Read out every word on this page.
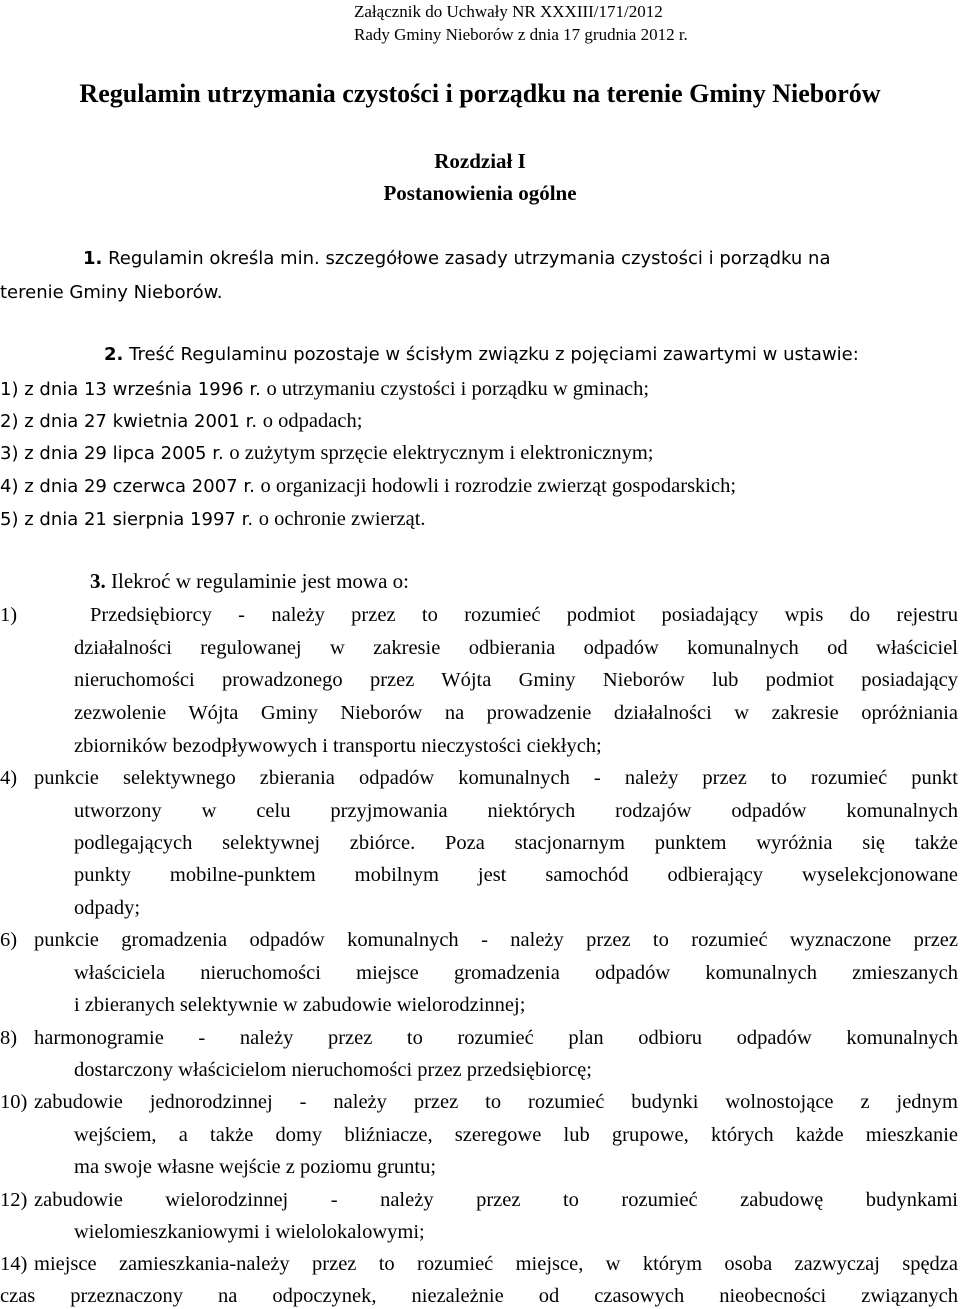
Załącznik do Uchwały NR XXXIII/171/2012
Rady Gminy Nieborów z dnia 17 grudnia 2012 r.
Regulamin utrzymania czystości i porządku na terenie Gminy Nieborów
Rozdział I
Postanowienia ogólne
1. Regulamin określa min. szczegółowe zasady utrzymania czystości i porządku na
terenie Gminy Nieborów.
2. Treść Regulaminu pozostaje w ścisłym związku z pojęciami zawartymi w ustawie:
1) z dnia 13 września 1996 r. o utrzymaniu czystości i porządku w gminach;
2) z dnia 27 kwietnia 2001 r. o odpadach;
3) z dnia 29 lipca 2005 r. o zużytym sprzęcie elektrycznym i elektronicznym;
4) z dnia 29 czerwca 2007 r. o organizacji hodowli i rozrodzie zwierząt gospodarskich;
5) z dnia 21 sierpnia 1997 r. o ochronie zwierząt.
3. Ilekroć w regulaminie jest mowa o:
1)	Przedsiębiorcy - należy przez to rozumieć podmiot posiadający wpis do rejestru
działalności regulowanej w zakresie odbierania odpadów komunalnych od właściciel
nieruchomości prowadzonego przez Wójta Gminy Nieborów lub podmiot posiadający
zezwolenie Wójta Gminy Nieborów na prowadzenie działalności w zakresie opróżniania
zbiorników bezodpływowych i transportu nieczystości ciekłych;
4) punkcie selektywnego zbierania odpadów komunalnych - należy przez to rozumieć punkt
utworzony w celu przyjmowania niektórych rodzajów odpadów komunalnych
podlegających selektywnej zbiórce. Poza stacjonarnym punktem wyróżnia się także
punkty mobilne-punktem mobilnym jest samochód odbierający wyselekcjonowane
odpady;
6) punkcie gromadzenia odpadów komunalnych - należy przez to rozumieć wyznaczone przez
właściciela nieruchomości miejsce gromadzenia odpadów komunalnych zmieszanych
i zbieranych selektywnie w zabudowie wielorodzinnej;
8) harmonogramie - należy przez to rozumieć plan odbioru odpadów komunalnych
dostarczony właścicielom nieruchomości przez przedsiębiorcę;
10) zabudowie jednorodzinnej - należy przez to rozumieć budynki wolnostojące z jednym
wejściem, a także domy bliźniacze, szeregowe lub grupowe, których każde mieszkanie
ma swoje własne wejście z poziomu gruntu;
12) zabudowie wielorodzinnej - należy przez to rozumieć zabudowę budynkami
wielomieszkaniowymi i wielolokalowymi;
14) miejsce zamieszkania-należy przez to rozumieć miejsce, w którym osoba zazwyczaj spędza
czas przeznaczony na odpoczynek, niezależnie od czasowych nieobecności związanych
